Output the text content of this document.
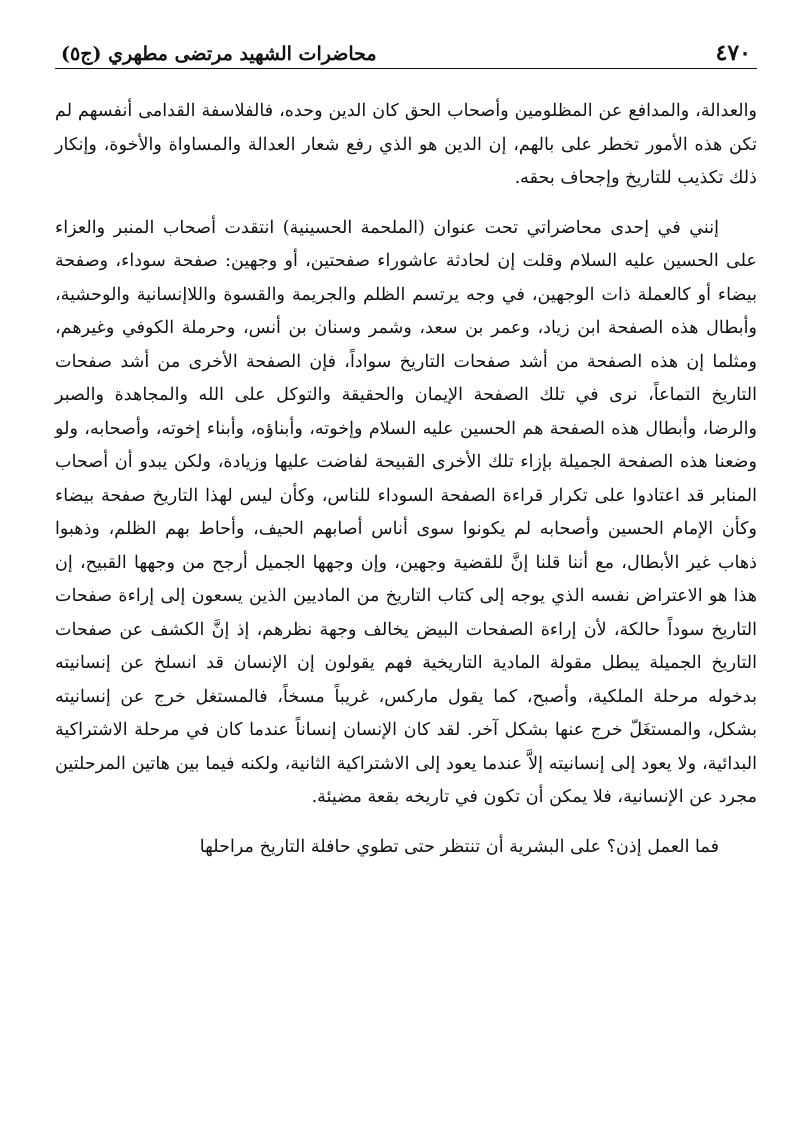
٤٧٠
محاضرات الشهيد مرتضى مطهري (ج٥)

والعدالة، والمدافع عن المظلومين وأصحاب الحق كان الدين وحده، فالفلاسفة القدامى أنفسهم لم تكن هذه الأمور تخطر على بالهم، إن الدين هو الذي رفع شعار العدالة والمساواة والأخوة، وإنكار ذلك تكذيب للتاريخ وإجحاف بحقه.

إنني في إحدى محاضراتي تحت عنوان (الملحمة الحسينية) انتقدت أصحاب المنبر والعزاء على الحسين عليه السلام وقلت إن لحادثة عاشوراء صفحتين، أو وجهين: صفحة سوداء، وصفحة بيضاء أو كالعملة ذات الوجهين، في وجه يرتسم الظلم والجريمة والقسوة واللاإنسانية والوحشية، وأبطال هذه الصفحة ابن زياد، وعمر بن سعد، وشمر وسنان بن أنس، وحرملة الكوفي وغيرهم، ومثلما إن هذه الصفحة من أشد صفحات التاريخ سواداً، فإن الصفحة الأخرى من أشد صفحات التاريخ التماعاً، نرى في تلك الصفحة الإيمان والحقيقة والتوكل على الله والمجاهدة والصبر والرضا، وأبطال هذه الصفحة هم الحسين عليه السلام وإخوته، وأبناؤه، وأبناء إخوته، وأصحابه، ولو وضعنا هذه الصفحة الجميلة بإزاء تلك الأخرى القبيحة لفاضت عليها وزيادة، ولكن يبدو أن أصحاب المنابر قد اعتادوا على تكرار قراءة الصفحة السوداء للناس، وكأن ليس لهذا التاريخ صفحة بيضاء وكأن الإمام الحسين وأصحابه لم يكونوا سوى أناس أصابهم الحيف، وأحاط بهم الظلم، وذهبوا ذهاب غير الأبطال، مع أننا قلنا إنَّ للقضية وجهين، وإن وجهها الجميل أرجح من وجهها القبيح، إن هذا هو الاعتراض نفسه الذي يوجه إلى كتاب التاريخ من الماديين الذين يسعون إلى إراءة صفحات التاريخ سوداً حالكة، لأن إراءة الصفحات البيض يخالف وجهة نظرهم، إذ إنَّ الكشف عن صفحات التاريخ الجميلة يبطل مقولة المادية التاريخية فهم يقولون إن الإنسان قد انسلخ عن إنسانيته بدخوله مرحلة الملكية، وأصبح، كما يقول ماركس، غريباً مسخاً، فالمستغل خرج عن إنسانيته بشكل، والمستغَلّ خرج عنها بشكل آخر. لقد كان الإنسان إنساناً عندما كان في مرحلة الاشتراكية البدائية، ولا يعود إلى إنسانيته إلاَّ عندما يعود إلى الاشتراكية الثانية، ولكنه فيما بين هاتين المرحلتين مجرد عن الإنسانية، فلا يمكن أن تكون في تاريخه بقعة مضيئة.

فما العمل إذن؟ على البشرية أن تنتظر حتى تطوي حافلة التاريخ مراحلها
